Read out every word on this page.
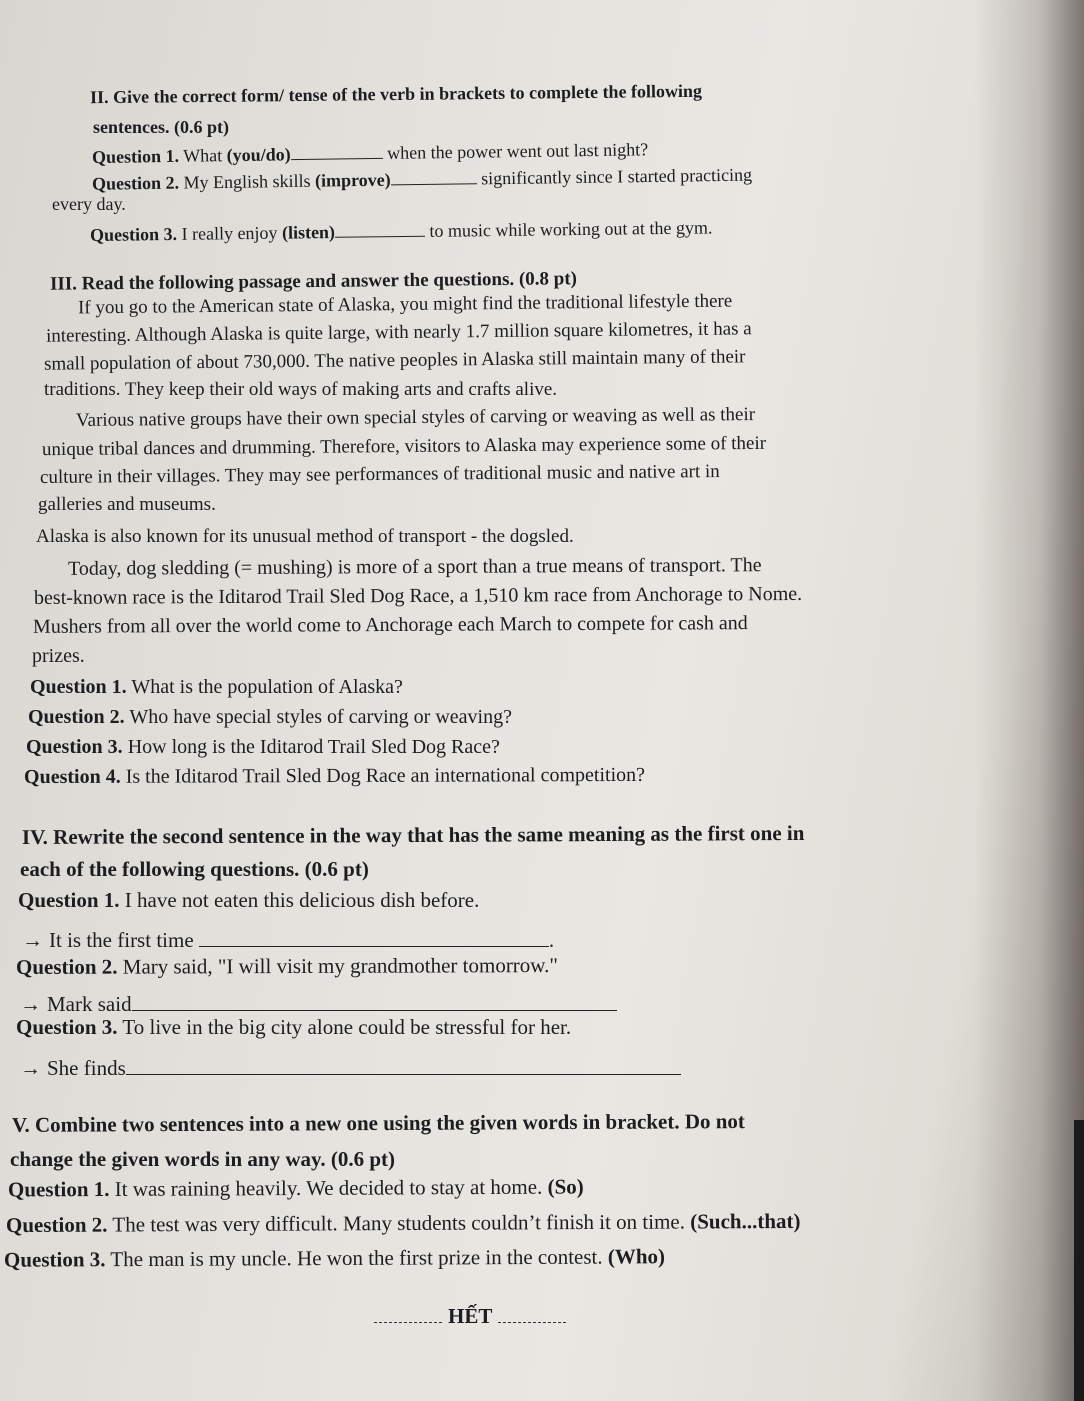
II. Give the correct form/ tense of the verb in brackets to complete the following
sentences. (0.6 pt)
Question 1. What (you/do)	when the power went out last night?
Question 2. My English skills (improve)	significantly since I started practicing
every day.
Question 3. I really enjoy (listen)	to music while working out at the gym.
III. Read the following passage and answer the questions. (0.8 pt)
If you go to the American state of Alaska, you might find the traditional lifestyle there
interesting. Although Alaska is quite large, with nearly 1.7 million square kilometres, it has a
small population of about 730,000. The native peoples in Alaska still maintain many of their
traditions. They keep their old ways of making arts and crafts alive.
Various native groups have their own special styles of carving or weaving as well as their
unique tribal dances and drumming. Therefore, visitors to Alaska may experience some of their
culture in their villages. They may see performances of traditional music and native art in
galleries and museums.
Alaska is also known for its unusual method of transport - the dogsled.
Today, dog sledding (= mushing) is more of a sport than a true means of transport. The
best-known race is the Iditarod Trail Sled Dog Race, a 1,510 km race from Anchorage to Nome.
Mushers from all over the world come to Anchorage each March to compete for cash and
prizes.
Question 1. What is the population of Alaska?
Question 2. Who have special styles of carving or weaving?
Question 3. How long is the Iditarod Trail Sled Dog Race?
Question 4. Is the Iditarod Trail Sled Dog Race an international competition?
IV. Rewrite the second sentence in the way that has the same meaning as the first one in
each of the following questions. (0.6 pt)
Question 1. I have not eaten this delicious dish before.
→ It is the first time	.
Question 2. Mary said, "I will visit my grandmother tomorrow."
→ Mark said
Question 3. To live in the big city alone could be stressful for her.
→ She finds
V. Combine two sentences into a new one using the given words in bracket. Do not
change the given words in any way. (0.6 pt)
Question 1. It was raining heavily. We decided to stay at home. (So)
Question 2. The test was very difficult. Many students couldn’t finish it on time. (Such...that)
Question 3. The man is my uncle. He won the first prize in the contest. (Who)
HẾT
